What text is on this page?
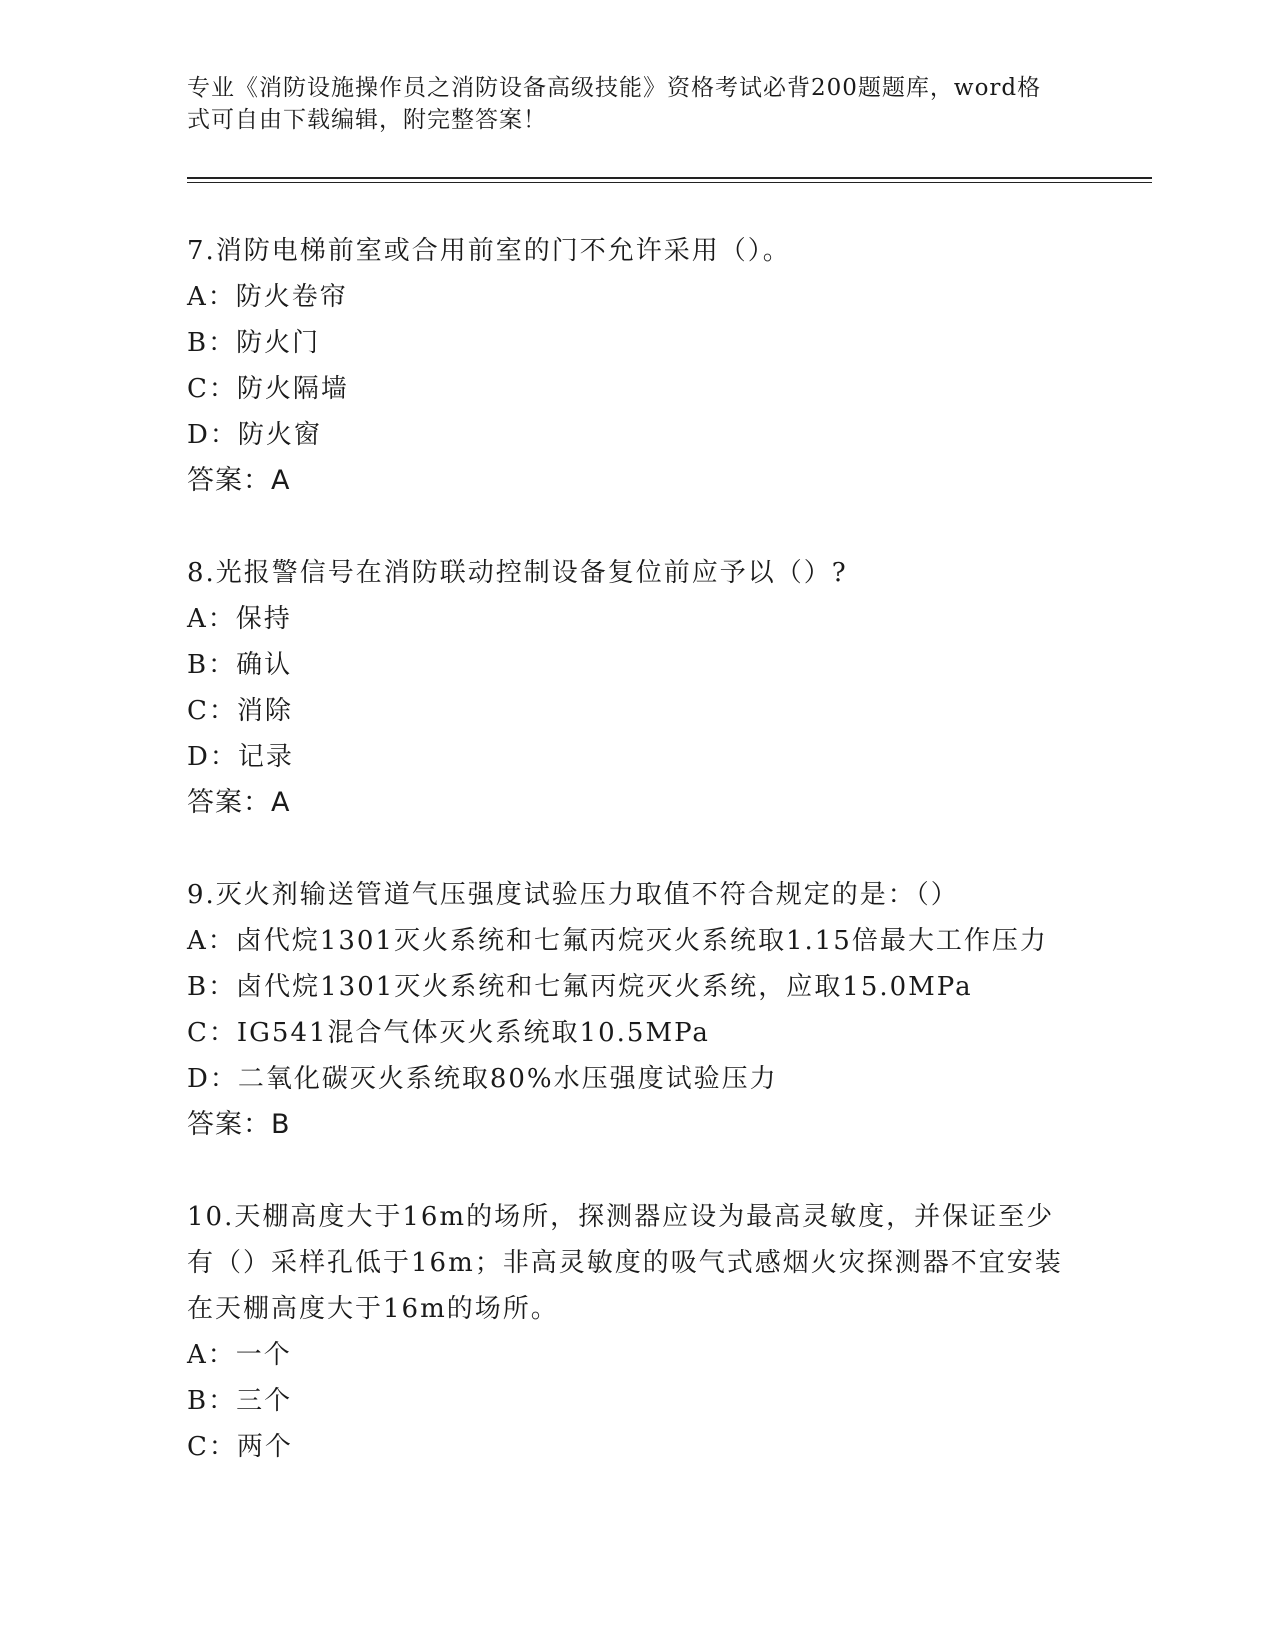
专业《消防设施操作员之消防设备高级技能》资格考试必背200题题库，word格
式可自由下载编辑，附完整答案！
7.消防电梯前室或合用前室的门不允许采用（）。
A：防火卷帘
B：防火门
C：防火隔墙
D：防火窗
答案：A
8.光报警信号在消防联动控制设备复位前应予以（）?
A：保持
B：确认
C：消除
D：记录
答案：A
9.灭火剂输送管道气压强度试验压力取值不符合规定的是：（）
A：卤代烷1301灭火系统和七氟丙烷灭火系统取1.15倍最大工作压力
B：卤代烷1301灭火系统和七氟丙烷灭火系统，应取15.0MPa
C：IG541混合气体灭火系统取10.5MPa
D：二氧化碳灭火系统取80%水压强度试验压力
答案：B
10.天棚高度大于16m的场所，探测器应设为最高灵敏度，并保证至少
有（）采样孔低于16m；非高灵敏度的吸气式感烟火灾探测器不宜安装
在天棚高度大于16m的场所。
A：一个
B：三个
C：两个
